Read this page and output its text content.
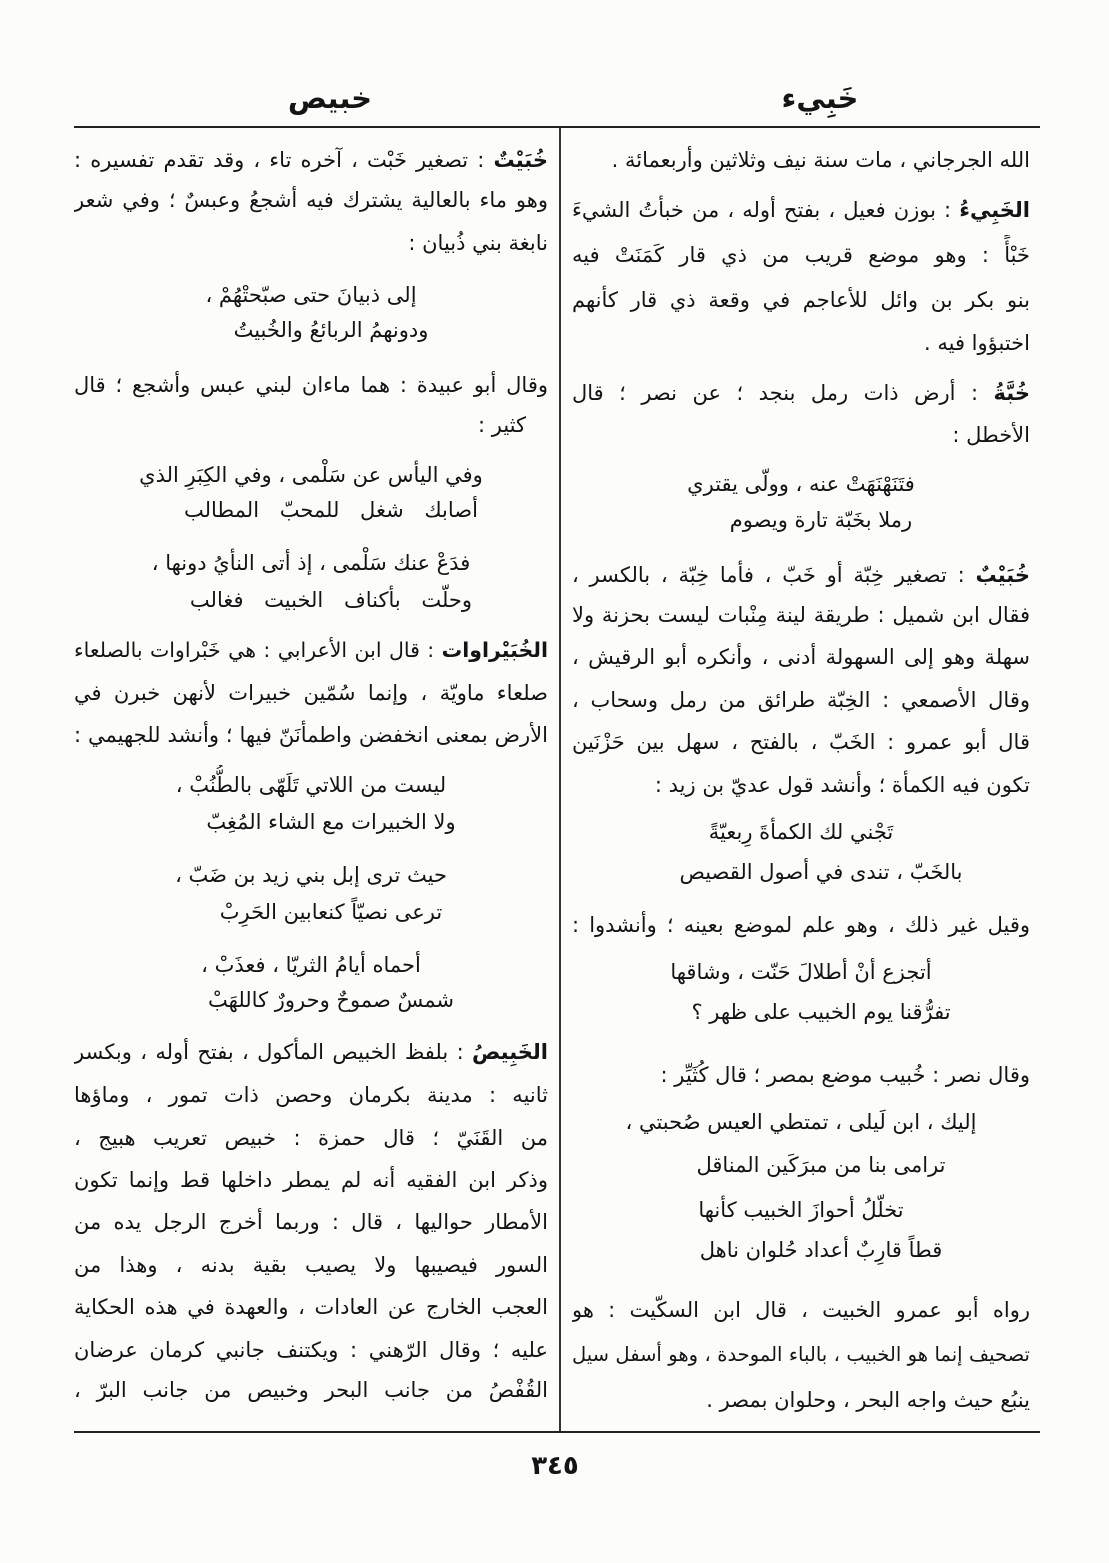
خَبِيء
خبيص
الله الجرجاني ، مات سنة نيف وثلاثين وأربعمائة .
الخَبِيءُ : بوزن فعيل ، بفتح أوله ، من خبأتُ الشيءَ
خَبْأً : وهو موضع قريب من ذي قار كَمَنَتْ فيه
بنو بكر بن وائل للأعاجم في وقعة ذي قار كأنهم
اختبؤوا فيه .
خُبَّةُ : أرض ذات رمل بنجد ؛ عن نصر ؛ قال
الأخطل :
فتَنَهْنَهَتْ عنه ، وولّى يقتري
رملا بخَبّة تارة ويصوم
خُبَيْبٌ : تصغير خِبّة أو خَبّ ، فأما خِبّة ، بالكسر ،
فقال ابن شميل : طريقة لينة مِنْبات ليست بحزنة ولا
سهلة وهو إلى السهولة أدنى ، وأنكره أبو الرقيش ،
وقال الأصمعي : الخِبّة طرائق من رمل وسحاب ،
قال أبو عمرو : الخَبّ ، بالفتح ، سهل بين حَزْنَين
تكون فيه الكمأة ؛ وأنشد قول عديّ بن زيد :
تَجْني لك الكمأةَ رِبعيّةً
بالخَبّ ، تندى في أصول القصيص
وقيل غير ذلك ، وهو علم لموضع بعينه ؛ وأنشدوا :
أتجزع أنْ أطلالَ حَنّت ، وشاقها
تفرُّقنا يوم الخبيب على ظهر ؟
وقال نصر : خُبيب موضع بمصر ؛ قال كُثَيِّر :
إليك ، ابن لَيلى ، تمتطي العيس صُحبتي ،
ترامى بنا من مبرَكَين المناقل
تخلّلُ أحوازَ الخبيب كأنها
قطاً قارِبٌ أعداد حُلوان ناهل
رواه أبو عمرو الخبيت ، قال ابن السكّيت : هو
تصحيف إنما هو الخبيب ، بالباء الموحدة ، وهو أسفل سيل
ينبُع حيث واجه البحر ، وحلوان بمصر .
خُبَيْتٌ : تصغير خَبْت ، آخره تاء ، وقد تقدم تفسيره :
وهو ماء بالعالية يشترك فيه أشجعُ وعبسٌ ؛ وفي شعر
نابغة بني ذُبيان :
إلى ذبيانَ حتى صبّحتْهُمْ ،
ودونهمُ الربائعُ والخُبيتُ
وقال أبو عبيدة : هما ماءان لبني عبس وأشجع ؛ قال
كثير :
وفي اليأس عن سَلْمى ، وفي الكِبَرِ الذي
أصابك شغل للمحبّ المطالب
فدَعْ عنك سَلْمى ، إذ أتى النأيُ دونها ،
وحلّت بأكناف الخبيت فغالب
الخُبَيْراوات : قال ابن الأعرابي : هي خَبْراوات بالصلعاء
صلعاء ماويّة ، وإنما سُمّين خبيرات لأنهن خبرن في
الأرض بمعنى انخفضن واطمأنَنّ فيها ؛ وأنشد للجهيمي :
ليست من اللاتي تَلَهّى بالطُّنُبْ ،
ولا الخبيرات مع الشاء المُغِبّ
حيث ترى إبل بني زيد بن ضَبّ ،
ترعى نصيّاً كنعابين الحَرِبْ
أحماه أيامُ الثريّا ، فعذَبْ ،
شمسٌ صموحٌ وحرورٌ كاللهَبْ
الخَبِيصُ : بلفظ الخبيص المأكول ، بفتح أوله ، وبكسر
ثانيه : مدينة بكرمان وحصن ذات تمور ، وماؤها
من القَنَيّ ؛ قال حمزة : خبيص تعريب هبيج ،
وذكر ابن الفقيه أنه لم يمطر داخلها قط وإنما تكون
الأمطار حواليها ، قال : وربما أخرج الرجل يده من
السور فيصيبها ولا يصيب بقية بدنه ، وهذا من
العجب الخارج عن العادات ، والعهدة في هذه الحكاية
عليه ؛ وقال الرّهني : ويكتنف جانبي كرمان عرضان
القُفْصُ من جانب البحر وخبيص من جانب البرّ ،
٣٤٥
